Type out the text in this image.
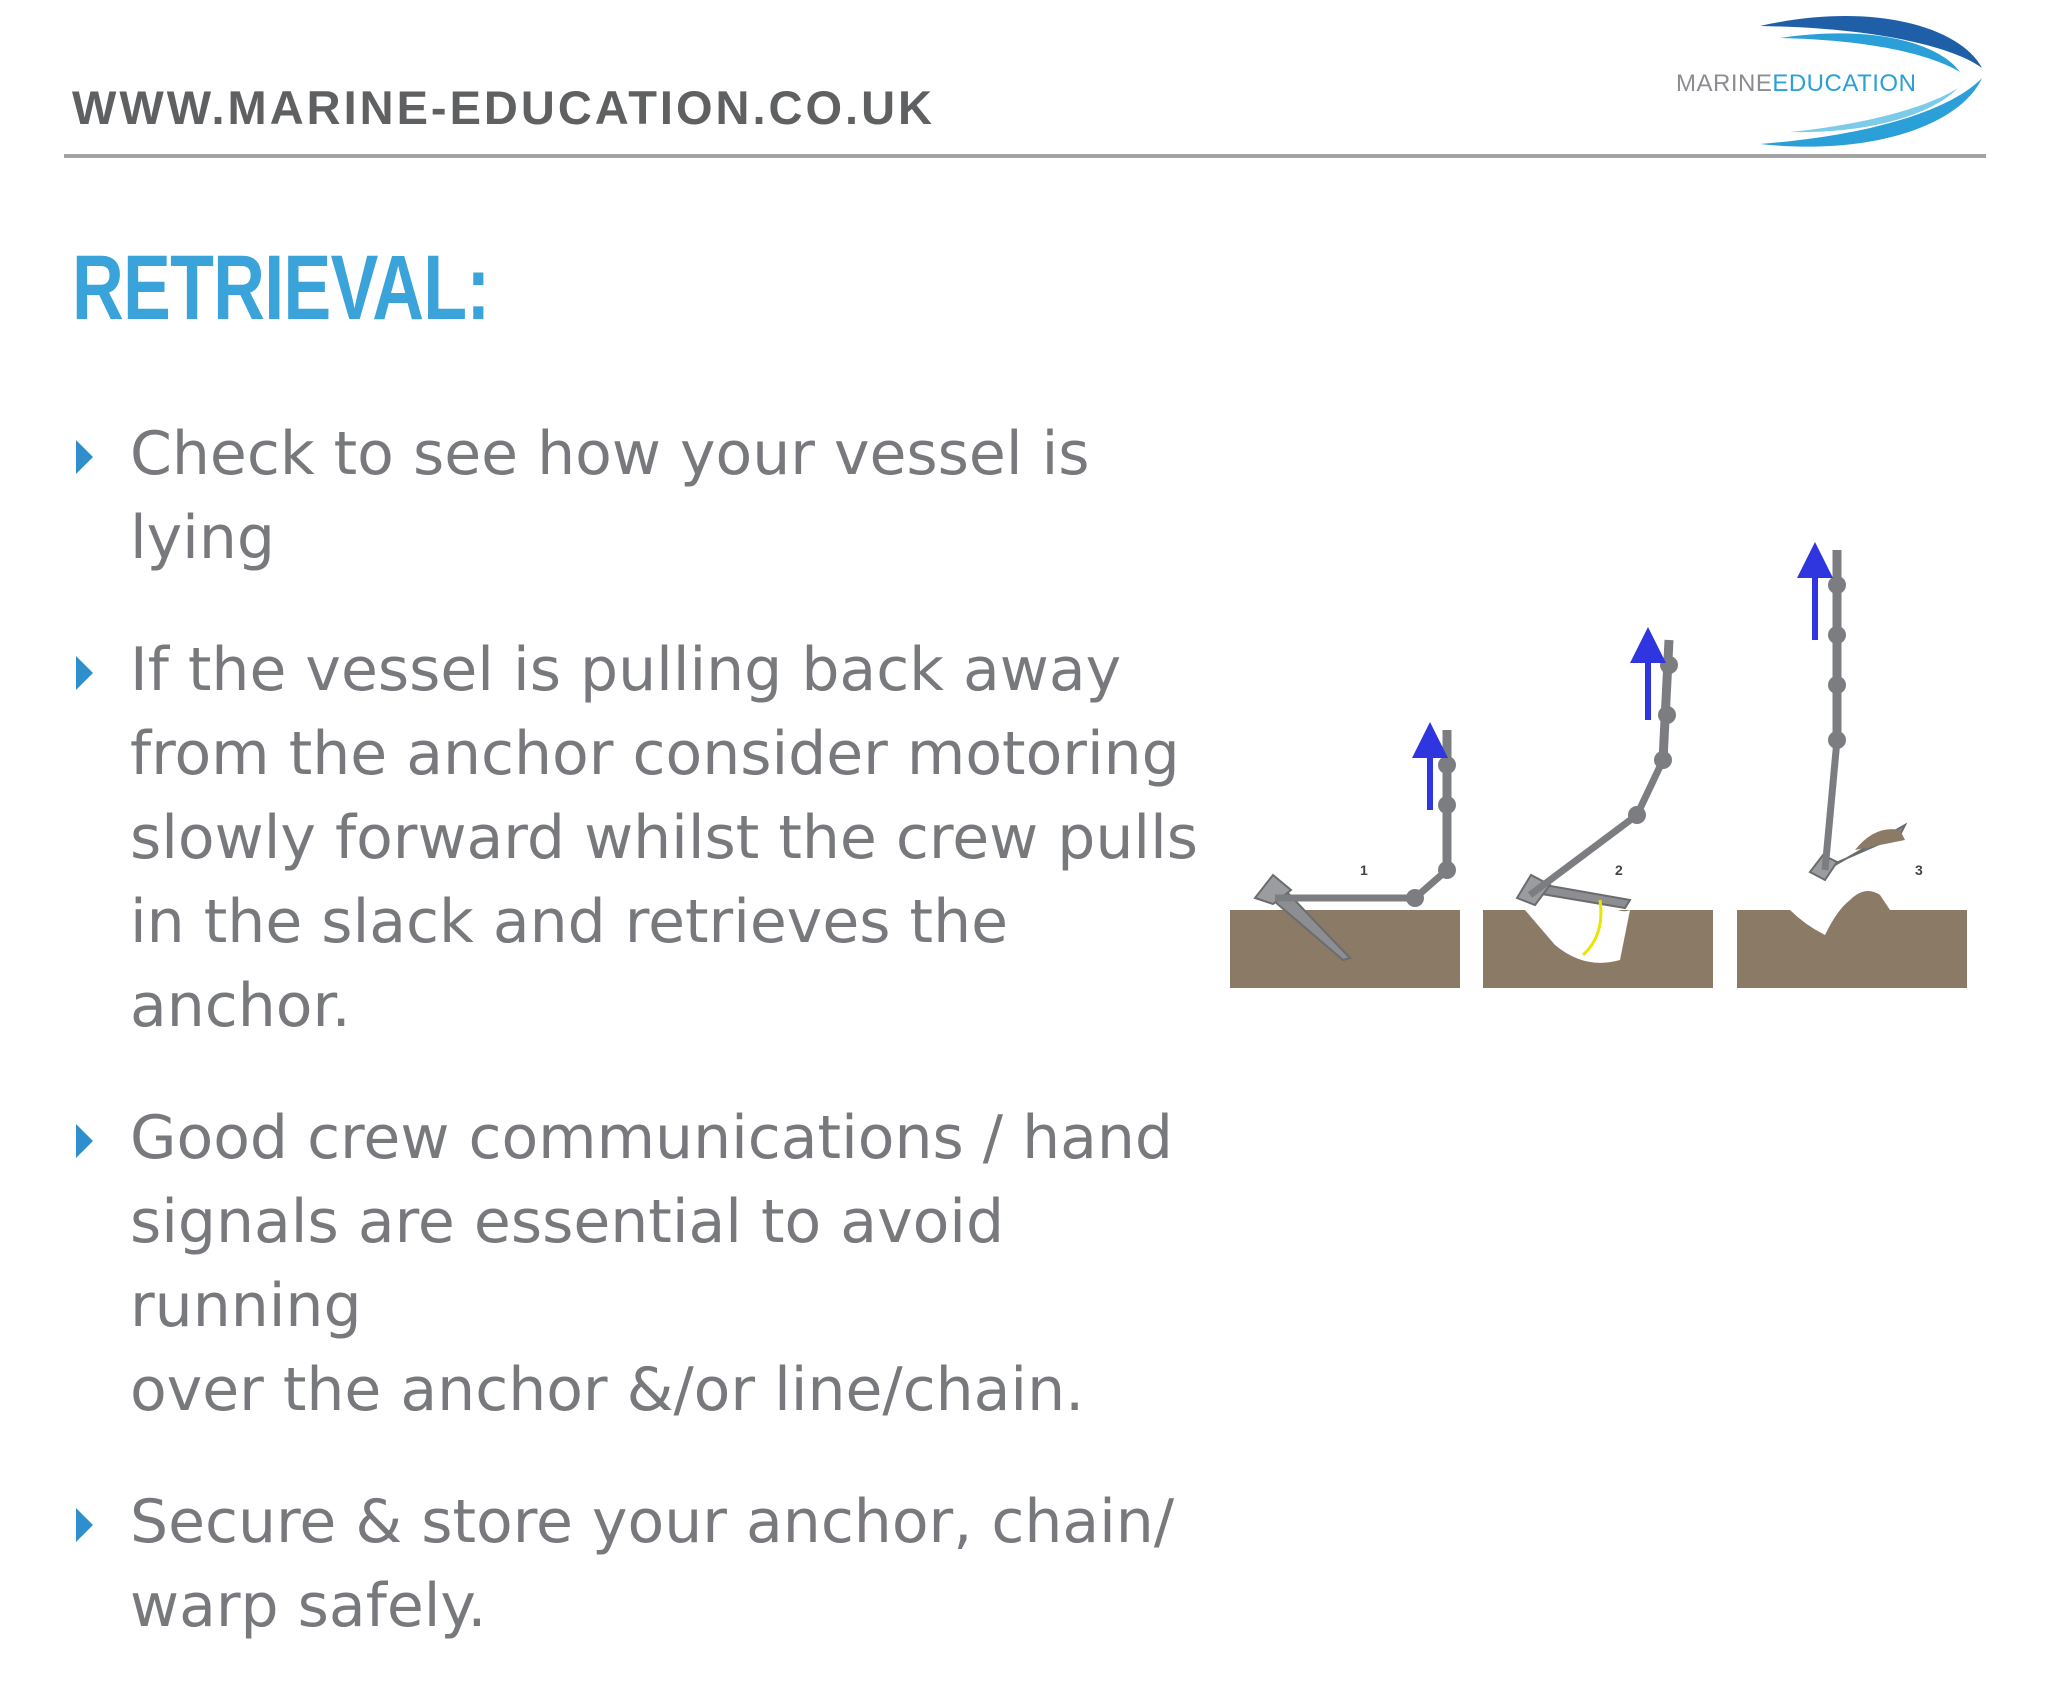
WWW.MARINE-EDUCATION.CO.UK	MARINEEDUCATION
RETRIEVAL:
Check to see how your vessel is lying
If the vessel is pulling back away
from the anchor consider motoring
slowly forward whilst the crew pulls
in the slack and retrieves the anchor.
Good crew communications / hand
signals are essential to avoid running
over the anchor &/or line/chain.
Secure & store your anchor, chain/
warp safely.
1	2	3
